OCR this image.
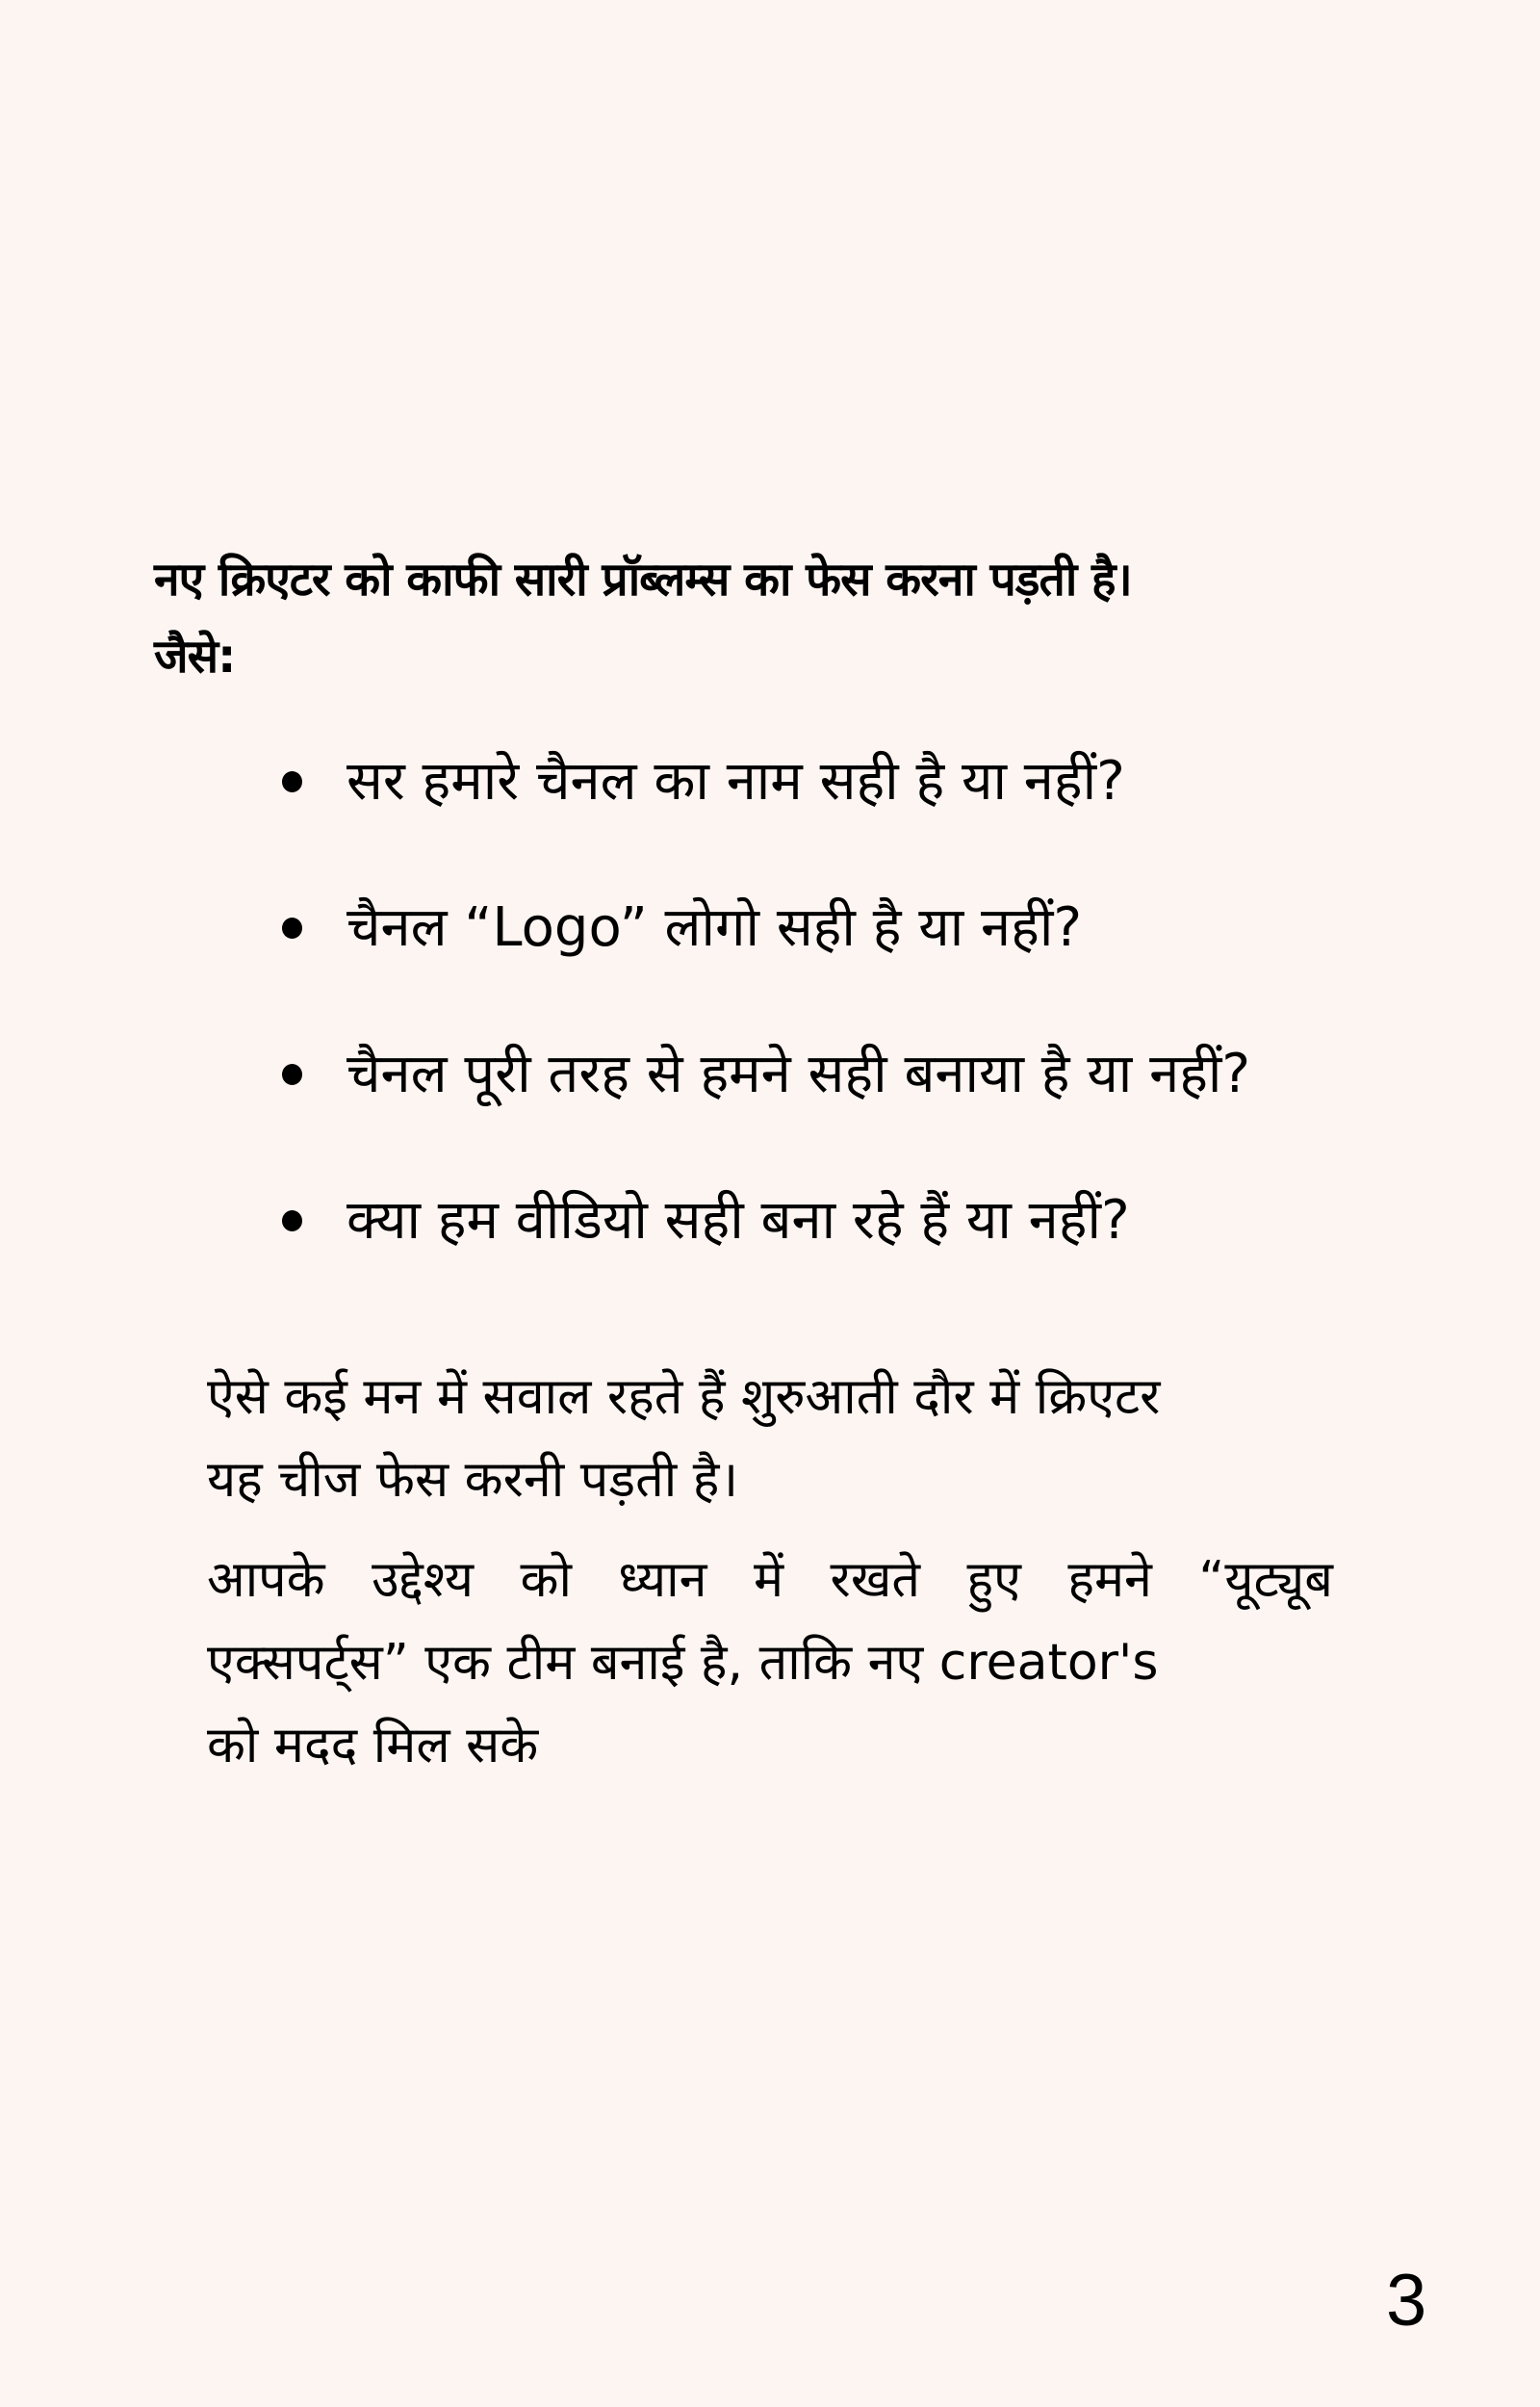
नए क्रिएटर को काफी सारी प्रॉब्लम्स का फेस करना पड़ती है।
जैसे:
सर हमारे चैनल का नाम सही है या नहीं?
चैनल “Logo” लोगो सही है या नहीं?
चैनल पूरी तरह से हमने सही बनाया है या नहीं?
क्या हम वीडियो सही बना रहे हैं या नहीं?
ऐसे कई मन में सवाल रहते हैं शुरुआती दौर में क्रिएटर
यह चीज फेस करनी पड़ती है।
आपके उद्देश्य को ध्यान में रखते हुए हमने “यूट्यूब
एक्सपर्ट्स” एक टीम बनाई है, ताकि नए creator's
को मदद मिल सके
3
